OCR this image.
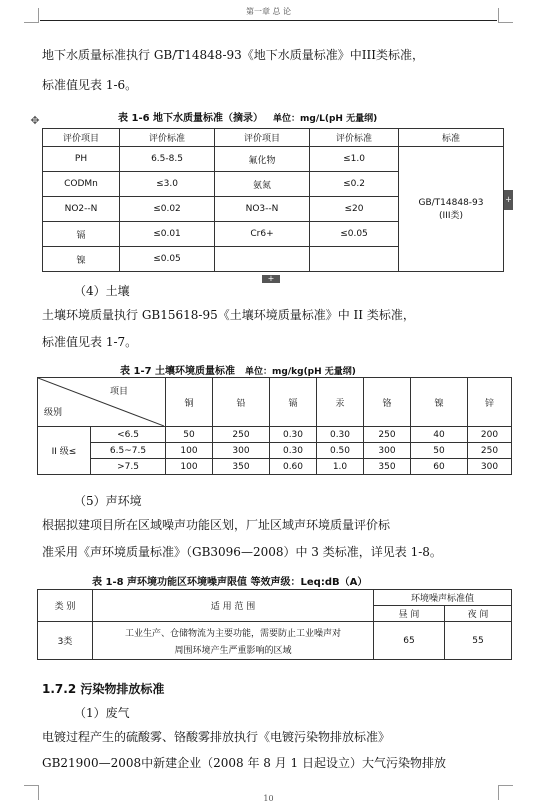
第一章 总 论
地下水质量标准执行 GB/T14848-93《地下水质量标准》中III类标准，
标准值见表 1-6。
✥	表 1-6 地下水质量标准（摘录） 单位：mg/L(pH 无量纲)
评价项目	评价标准	评价项目	评价标准	标准
PH	6.5-8.5	氟化物	≤1.0	GB/T14848-93
(III类)

CODMn	≤3.0	氨氮	≤0.2	
NO2--N	≤0.02	NO3--N	≤20	
镉	≤0.01	Cr6+	≤0.05	
镍	≤0.05			
+
+
（4）土壤
土壤环境质量执行 GB15618-95《土壤环境质量标准》中 II 类标准，
标准值见表 1-7。
表 1-7 土壤环境质量标准 单位：mg/kg(pH 无量纲)
项目
级别		铜	铅	镉	汞	铬	镍	锌
II 级≤	<6.5	50	250	0.30	0.30	250	40	200
	6.5~7.5	100	300	0.30	0.50	300	50	250
	>7.5	100	350	0.60	1.0	350	60	300
（5）声环境
根据拟建项目所在区域噪声功能区划，厂址区域声环境质量评价标
准采用《声环境质量标准》（GB3096—2008）中 3 类标准，详见表 1-8。
表 1-8 声环境功能区环境噪声限值 等效声级：Leq:dB（A）
类 别	适 用 范 围	环境噪声标准值	
		昼 间	夜 间
3类	工业生产、仓储物流为主要功能，需要防止工业噪声对
周围环境产生严重影响的区域	65	55
1.7.2 污染物排放标准
（1）废气
电镀过程产生的硫酸雾、铬酸雾排放执行《电镀污染物排放标准》
GB21900—2008中新建企业（2008 年 8 月 1 日起设立）大气污染物排放
10
